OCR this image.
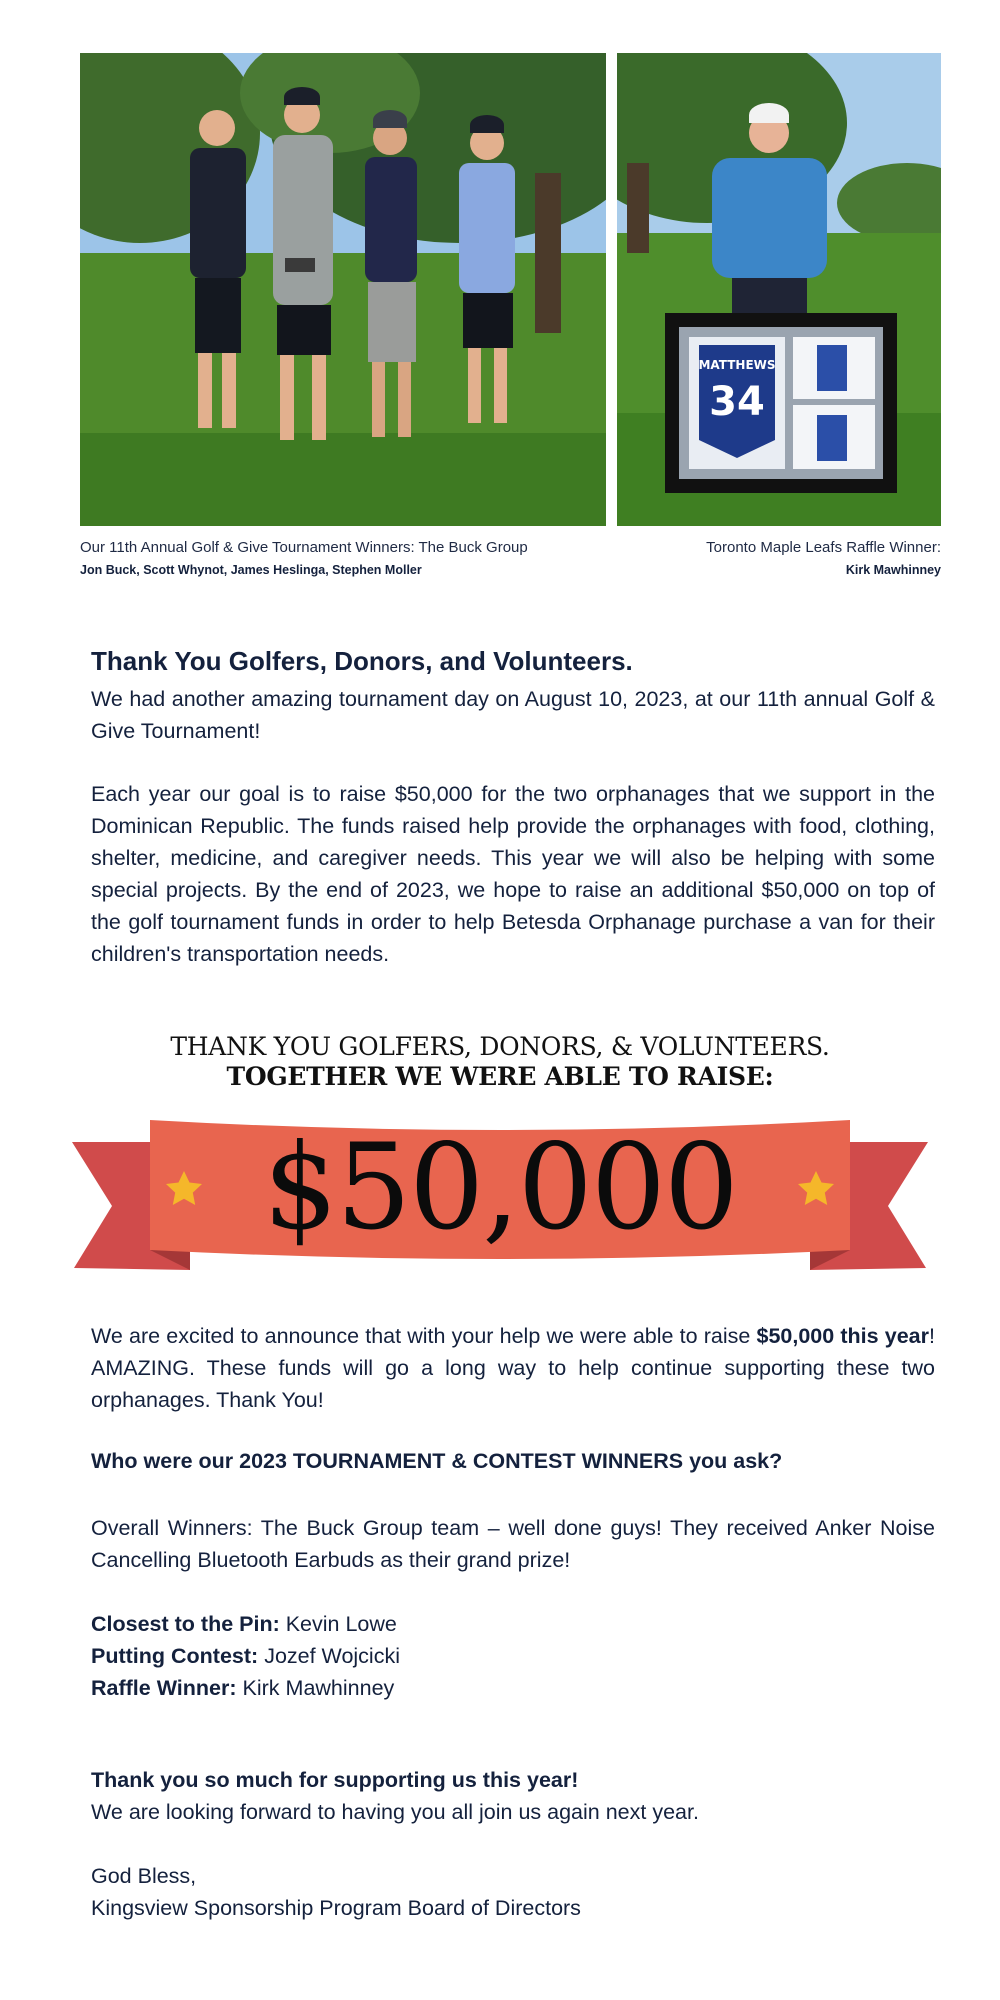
MATTHEWS
34
Our 11th Annual Golf & Give Tournament Winners: The Buck Group
Jon Buck, Scott Whynot, James Heslinga, Stephen Moller
Toronto Maple Leafs Raffle Winner:
Kirk Mawhinney
Thank You Golfers, Donors, and Volunteers.
We had another amazing tournament day on August 10, 2023, at our 11th annual Golf & Give Tournament!
Each year our goal is to raise $50,000 for the two orphanages that we support in the Dominican Republic. The funds raised help provide the orphanages with food, clothing, shelter, medicine, and caregiver needs. This year we will also be helping with some special projects. By the end of 2023, we hope to raise an additional $50,000 on top of the golf tournament funds in order to help Betesda Orphanage purchase a van for their children's transportation needs.
THANK YOU GOLFERS, DONORS, & VOLUNTEERS.
TOGETHER WE WERE ABLE TO RAISE:
$50,000
We are excited to announce that with your help we were able to raise $50,000 this year! AMAZING. These funds will go a long way to help continue supporting these two orphanages. Thank You!
Who were our 2023 TOURNAMENT & CONTEST WINNERS you ask?
Overall Winners: The Buck Group team – well done guys! They received Anker Noise Cancelling Bluetooth Earbuds as their grand prize!
Closest to the Pin: Kevin Lowe
Putting Contest: Jozef Wojcicki
Raffle Winner: Kirk Mawhinney
Thank you so much for supporting us this year!
We are looking forward to having you all join us again next year.
God Bless,
Kingsview Sponsorship Program Board of Directors
